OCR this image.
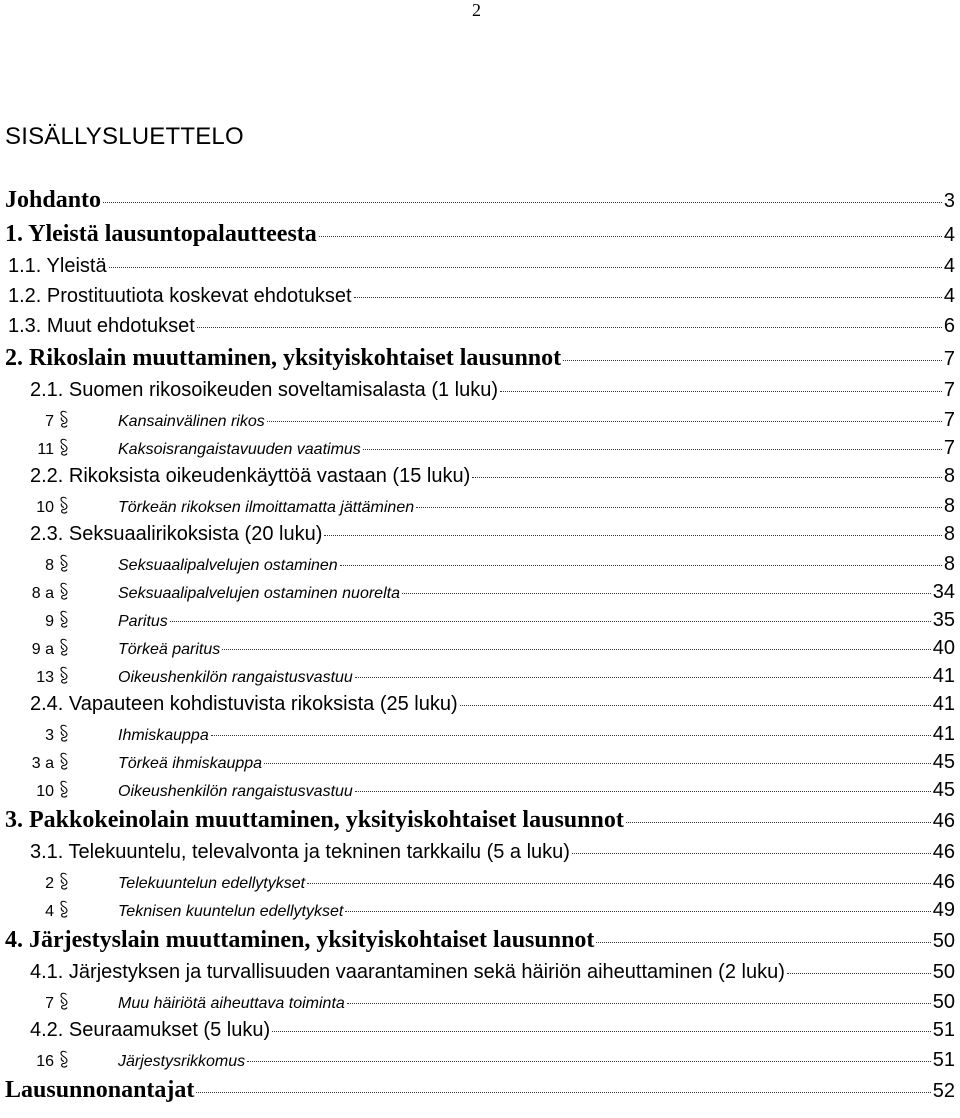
2
SISÄLLYSLUETTELO
Johdanto	3
1. Yleistä lausuntopalautteesta	4
1.1. Yleistä	4
1.2. Prostituutiota koskevat ehdotukset	4
1.3. Muut ehdotukset	6
2. Rikoslain muuttaminen, yksityiskohtaiset lausunnot	7
2.1. Suomen rikosoikeuden soveltamisalasta (1 luku)	7
7	Kansainvälinen rikos	7
11	Kaksoisrangaistavuuden vaatimus	7
2.2. Rikoksista oikeudenkäyttöä vastaan (15 luku)	8
10	Törkeän rikoksen ilmoittamatta jättäminen	8
2.3. Seksuaalirikoksista (20 luku)	8
8	Seksuaalipalvelujen ostaminen	8
8 a	Seksuaalipalvelujen ostaminen nuorelta	34
9	Paritus	35
9 a	Törkeä paritus	40
13	Oikeushenkilön rangaistusvastuu	41
2.4. Vapauteen kohdistuvista rikoksista (25 luku)	41
3	Ihmiskauppa	41
3 a	Törkeä ihmiskauppa	45
10	Oikeushenkilön rangaistusvastuu	45
3. Pakkokeinolain muuttaminen, yksityiskohtaiset lausunnot	46
3.1. Telekuuntelu, televalvonta ja tekninen tarkkailu (5 a luku)	46
2	Telekuuntelun edellytykset	46
4	Teknisen kuuntelun edellytykset	49
4. Järjestyslain muuttaminen, yksityiskohtaiset lausunnot	50
4.1. Järjestyksen ja turvallisuuden vaarantaminen sekä häiriön aiheuttaminen (2 luku)	50
7	Muu häiriötä aiheuttava toiminta	50
4.2. Seuraamukset (5 luku)	51
16	Järjestysrikkomus	51
Lausunnonantajat	52
